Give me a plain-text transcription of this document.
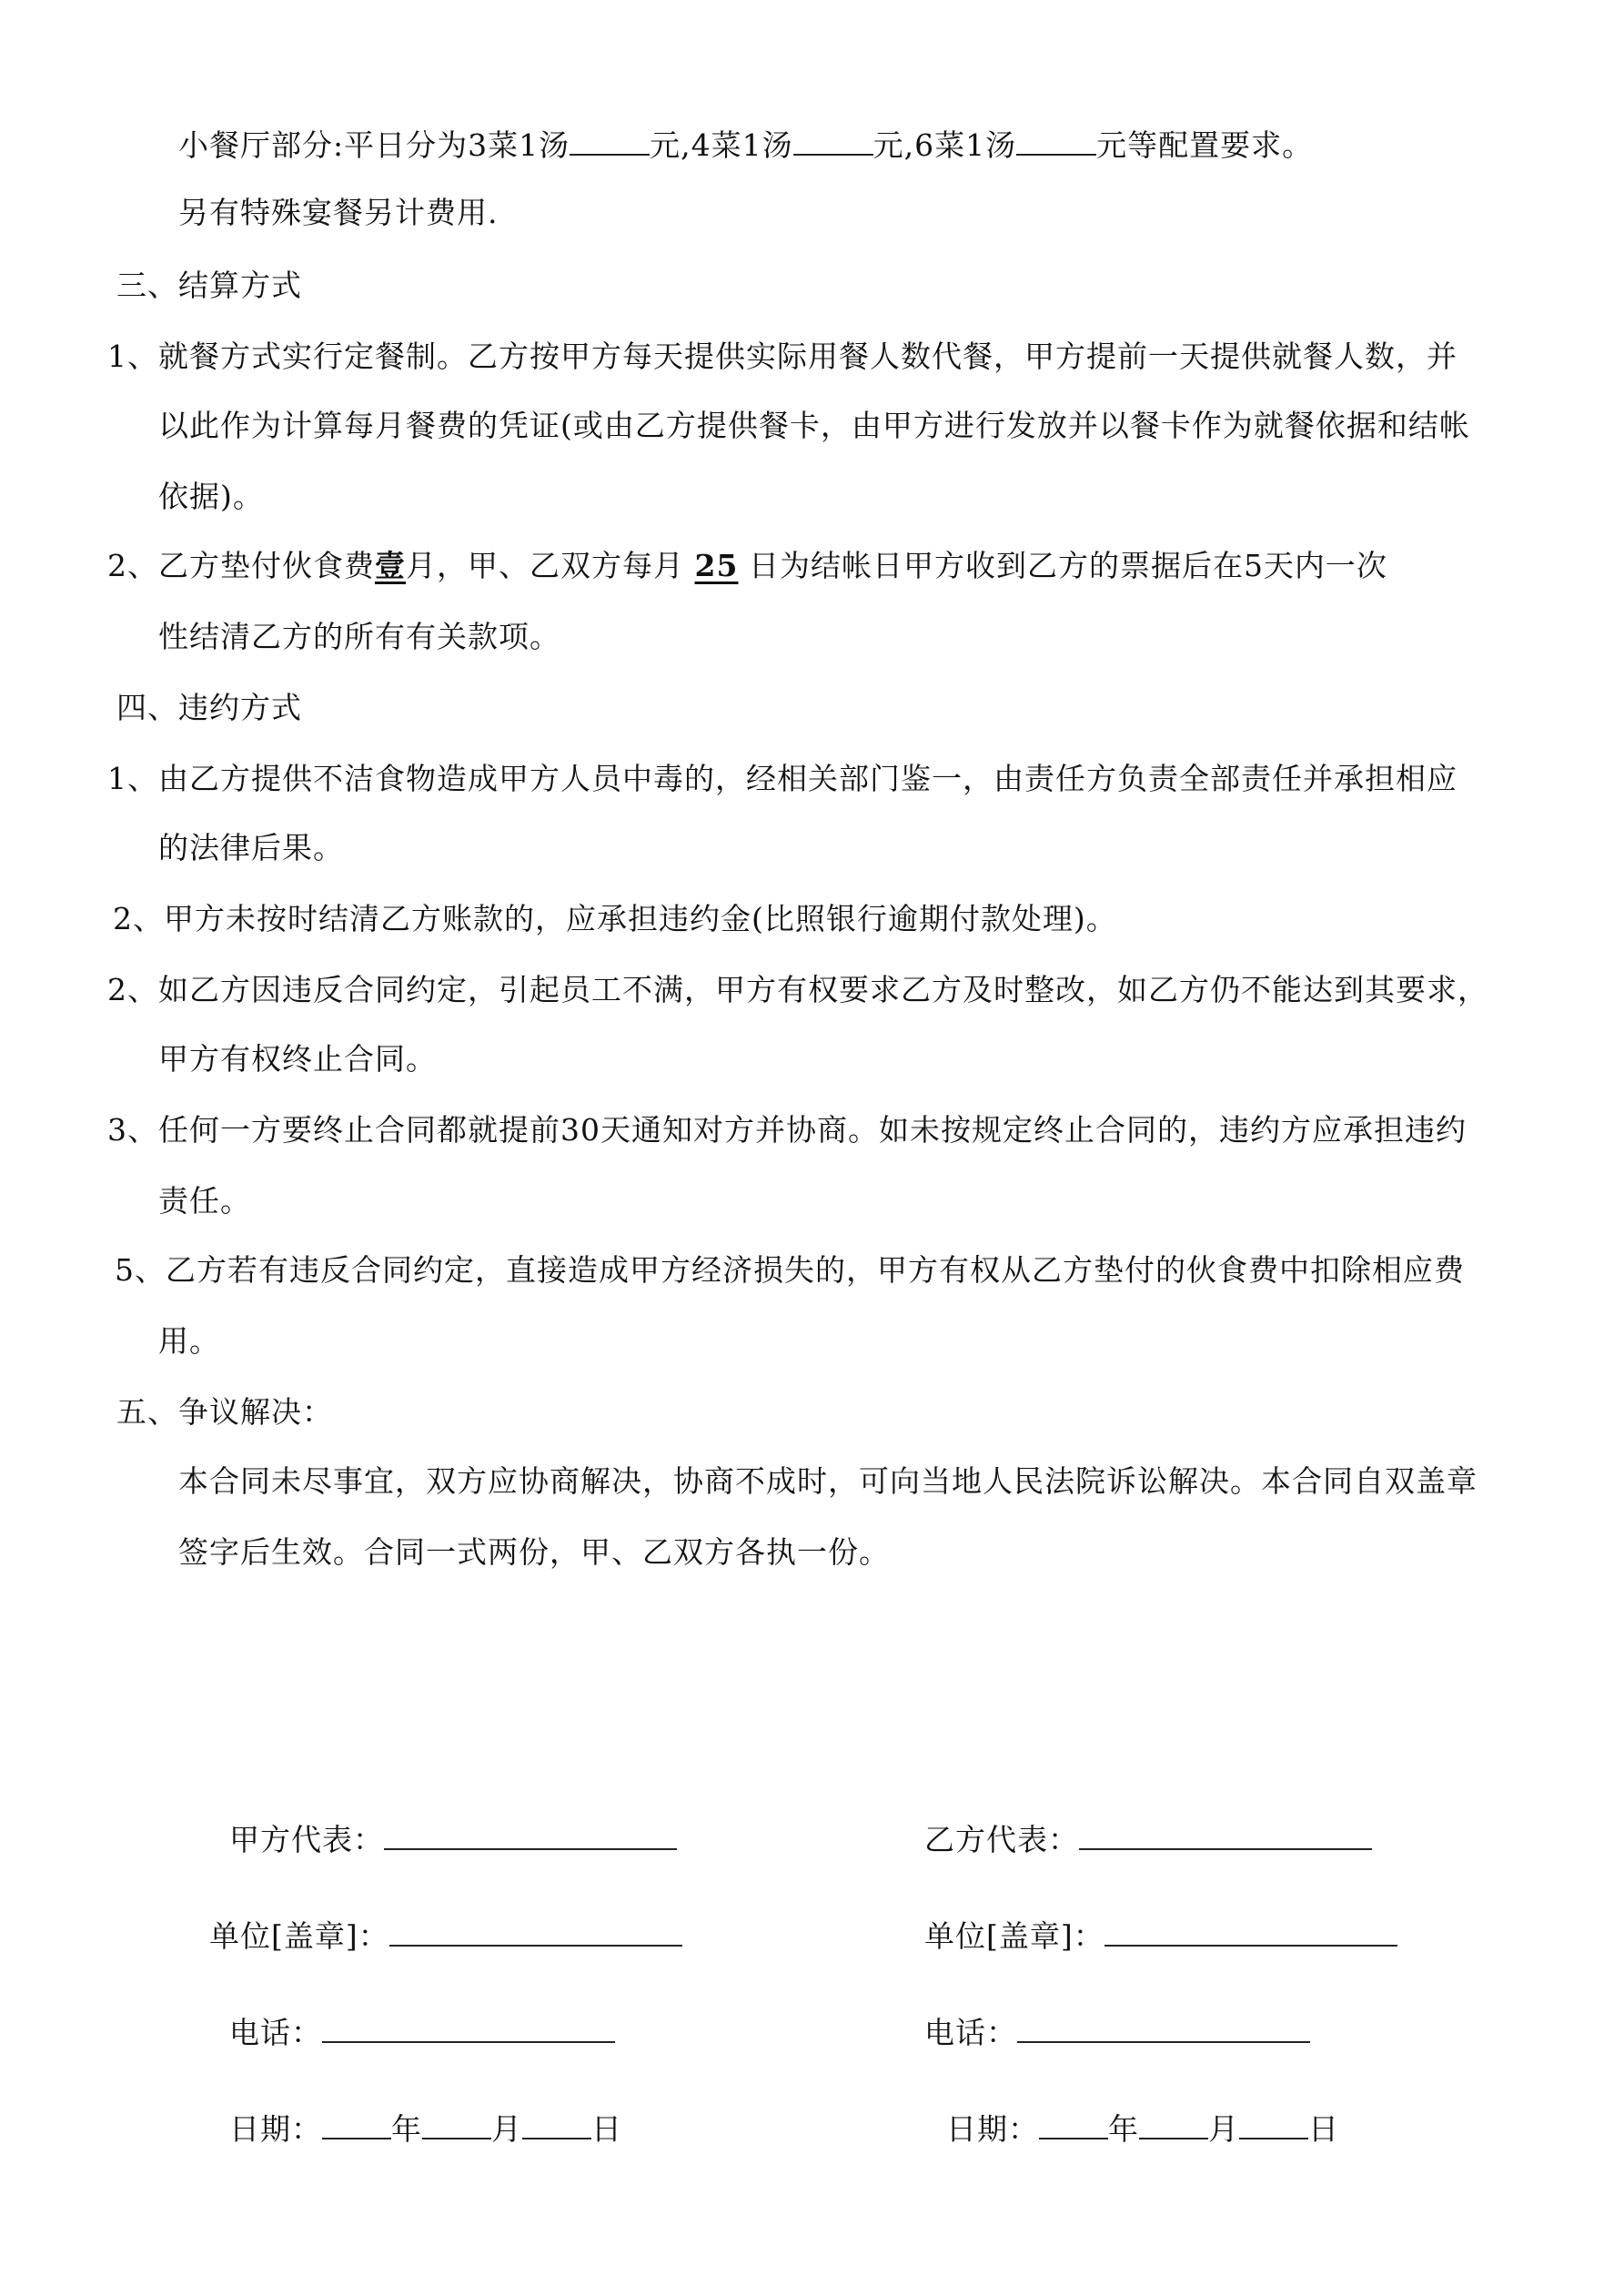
小餐厅部分:平日分为3菜1汤	元,4菜1汤	元,6菜1汤	元等配置要求。
另有特殊宴餐另计费用.
三、结算方式
1、就餐方式实行定餐制。乙方按甲方每天提供实际用餐人数代餐，甲方提前一天提供就餐人数，并
以此作为计算每月餐费的凭证(或由乙方提供餐卡，由甲方进行发放并以餐卡作为就餐依据和结帐
依据)。
2、乙方垫付伙食费壹月，甲、乙双方每月 25 日为结帐日甲方收到乙方的票据后在5天内一次
性结清乙方的所有有关款项。
四、违约方式
1、由乙方提供不洁食物造成甲方人员中毒的，经相关部门鉴一，由责任方负责全部责任并承担相应
的法律后果。
2、甲方未按时结清乙方账款的，应承担违约金(比照银行逾期付款处理)。
2、如乙方因违反合同约定，引起员工不满，甲方有权要求乙方及时整改，如乙方仍不能达到其要求，
甲方有权终止合同。
3、任何一方要终止合同都就提前30天通知对方并协商。如未按规定终止合同的，违约方应承担违约
责任。
5、乙方若有违反合同约定，直接造成甲方经济损失的，甲方有权从乙方垫付的伙食费中扣除相应费
用。
五、争议解决：
本合同未尽事宜，双方应协商解决，协商不成时，可向当地人民法院诉讼解决。本合同自双盖章
签字后生效。合同一式两份，甲、乙双方各执一份。
甲方代表：
单位[盖章]：
电话：
日期： 年 月 日
乙方代表：
单位[盖章]：
电话：
日期： 年 月 日
